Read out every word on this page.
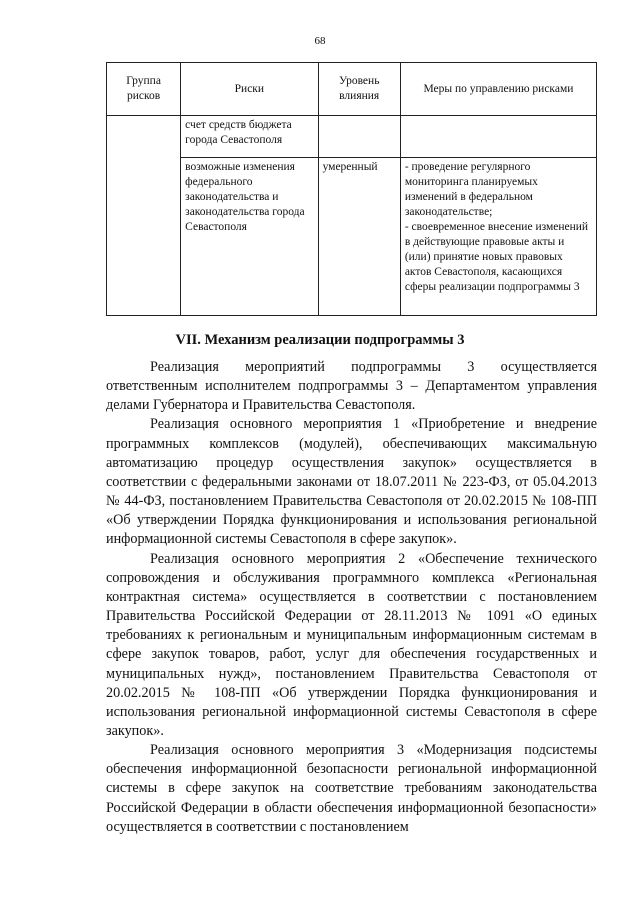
68
Группа рисков	Риски	Уровень влияния	Меры по управлению рисками
	счет средств бюджета города Севастополя		
	возможные изменения федерального законодательства и законодательства города Севастополя	умеренный	- проведение регулярного мониторинга планируемых изменений в федеральном законодательстве;
- своевременное внесение изменений в действующие правовые акты и (или) принятие новых правовых актов Севастополя, касающихся сферы реализации подпрограммы 3
VII. Механизм реализации подпрограммы 3

Реализация мероприятий подпрограммы 3 осуществляется ответственным исполнителем подпрограммы 3 – Департаментом управления делами Губернатора и Правительства Севастополя.

Реализация основного мероприятия 1 «Приобретение и внедрение программных комплексов (модулей), обеспечивающих максимальную автоматизацию процедур осуществления закупок» осуществляется в соответствии с федеральными законами от 18.07.2011 № 223-ФЗ, от 05.04.2013 № 44-ФЗ, постановлением Правительства Севастополя от 20.02.2015 № 108-ПП «Об утверждении Порядка функционирования и использования региональной информационной системы Севастополя в сфере закупок».

Реализация основного мероприятия 2 «Обеспечение технического сопровождения и обслуживания программного комплекса «Региональная контрактная система» осуществляется в соответствии с постановлением Правительства Российской Федерации от 28.11.2013 № 1091 «О единых требованиях к региональным и муниципальным информационным системам в сфере закупок товаров, работ, услуг для обеспечения государственных и муниципальных нужд», постановлением Правительства Севастополя от 20.02.2015 № 108-ПП «Об утверждении Порядка функционирования и использования региональной информационной системы Севастополя в сфере закупок».

Реализация основного мероприятия 3 «Модернизация подсистемы обеспечения информационной безопасности региональной информационной системы в сфере закупок на соответствие требованиям законодательства Российской Федерации в области обеспечения информационной безопасности» осуществляется в соответствии с постановлением
